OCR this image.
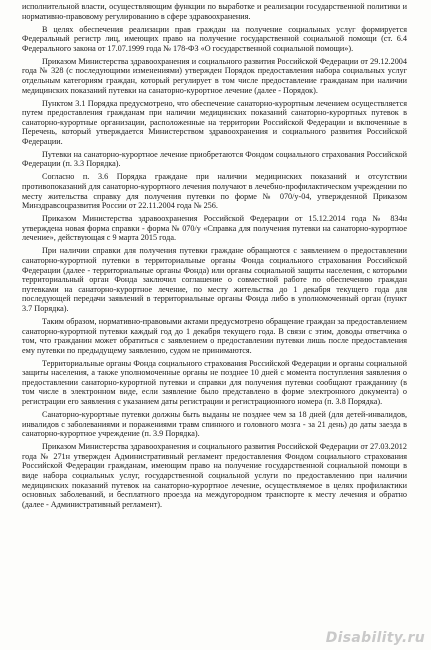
исполнительной власти, осуществляющим функции по выработке и реализации государственной политики и нормативно-правовому регулированию в сфере здравоохранения.

В целях обеспечения реализации прав граждан на получение социальных услуг формируется Федеральный регистр лиц, имеющих право на получение государственной социальной помощи (ст. 6.4 Федерального закона от 17.07.1999 года № 178-ФЗ «О государственной социальной помощи»).

Приказом Министерства здравоохранения и социального развития Российской Федерации от 29.12.2004 года № 328 (с последующими изменениями) утвержден Порядок предоставления набора социальных услуг отдельным категориям граждан, который регулирует в том числе предоставление гражданам при наличии медицинских показаний путевки на санаторно-курортное лечение (далее - Порядок).

Пунктом 3.1 Порядка предусмотрено, что обеспечение санаторно-курортным лечением осуществляется путем предоставления гражданам при наличии медицинских показаний санаторно-курортных путевок в санаторно-курортные организации, расположенные на территории Российской Федерации и включенные в Перечень, который утверждается Министерством здравоохранения и социального развития Российской Федерации.

Путевки на санаторно-курортное лечение приобретаются Фондом социального страхования Российской Федерации (п. 3.3 Порядка).

Согласно п. 3.6 Порядка граждане при наличии медицинских показаний и отсутствии противопоказаний для санаторно-курортного лечения получают в лечебно-профилактическом учреждении по месту жительства справку для получения путевки по форме № 070/у-04, утвержденной Приказом Минздравсоцразвития России от 22.11.2004 года № 256.

Приказом Министерства здравоохранения Российской Федерации от 15.12.2014 года № 834н утверждена новая форма справки - форма № 070/у «Справка для получения путевки на санаторно-курортное лечение», действующая с 9 марта 2015 года.

При наличии справки для получения путевки граждане обращаются с заявлением о предоставлении санаторно-курортной путевки в территориальные органы Фонда социального страхования Российской Федерации (далее - территориальные органы Фонда) или органы социальной защиты населения, с которыми территориальный орган Фонда заключил соглашение о совместной работе по обеспечению граждан путевками на санаторно-курортное лечение, по месту жительства до 1 декабря текущего года для последующей передачи заявлений в территориальные органы Фонда либо в уполномоченный орган (пункт 3.7 Порядка).

Таким образом, нормативно-правовыми актами предусмотрено обращение граждан за предоставлением санаторно-курортной путевки каждый год до 1 декабря текущего года. В связи с этим, доводы ответчика о том, что гражданин может обратиться с заявлением о предоставлении путевки лишь после предоставления ему путевки по предыдущему заявлению, судом не принимаются.

Территориальные органы Фонда социального страхования Российской Федерации и органы социальной защиты населения, а также уполномоченные органы не позднее 10 дней с момента поступления заявления о предоставлении санаторно-курортной путевки и справки для получения путевки сообщают гражданину (в том числе в электронном виде, если заявление было представлено в форме электронного документа) о регистрации его заявления с указанием даты регистрации и регистрационного номера (п. 3.8 Порядка).

Санаторно-курортные путевки должны быть выданы не позднее чем за 18 дней (для детей-инвалидов, инвалидов с заболеваниями и поражениями травм спинного и головного мозга - за 21 день) до даты заезда в санаторно-курортное учреждение (п. 3.9 Порядка).

Приказом Министерства здравоохранения и социального развития Российской Федерации от 27.03.2012 года № 271н утвержден Административный регламент предоставления Фондом социального страхования Российской Федерации гражданам, имеющим право на получение государственной социальной помощи в виде набора социальных услуг, государственной социальной услуги по предоставлению при наличии медицинских показаний путевок на санаторно-курортное лечение, осуществляемое в целях профилактики основных заболеваний, и бесплатного проезда на междугородном транспорте к месту лечения и обратно (далее - Административный регламент).

Disability.ru
